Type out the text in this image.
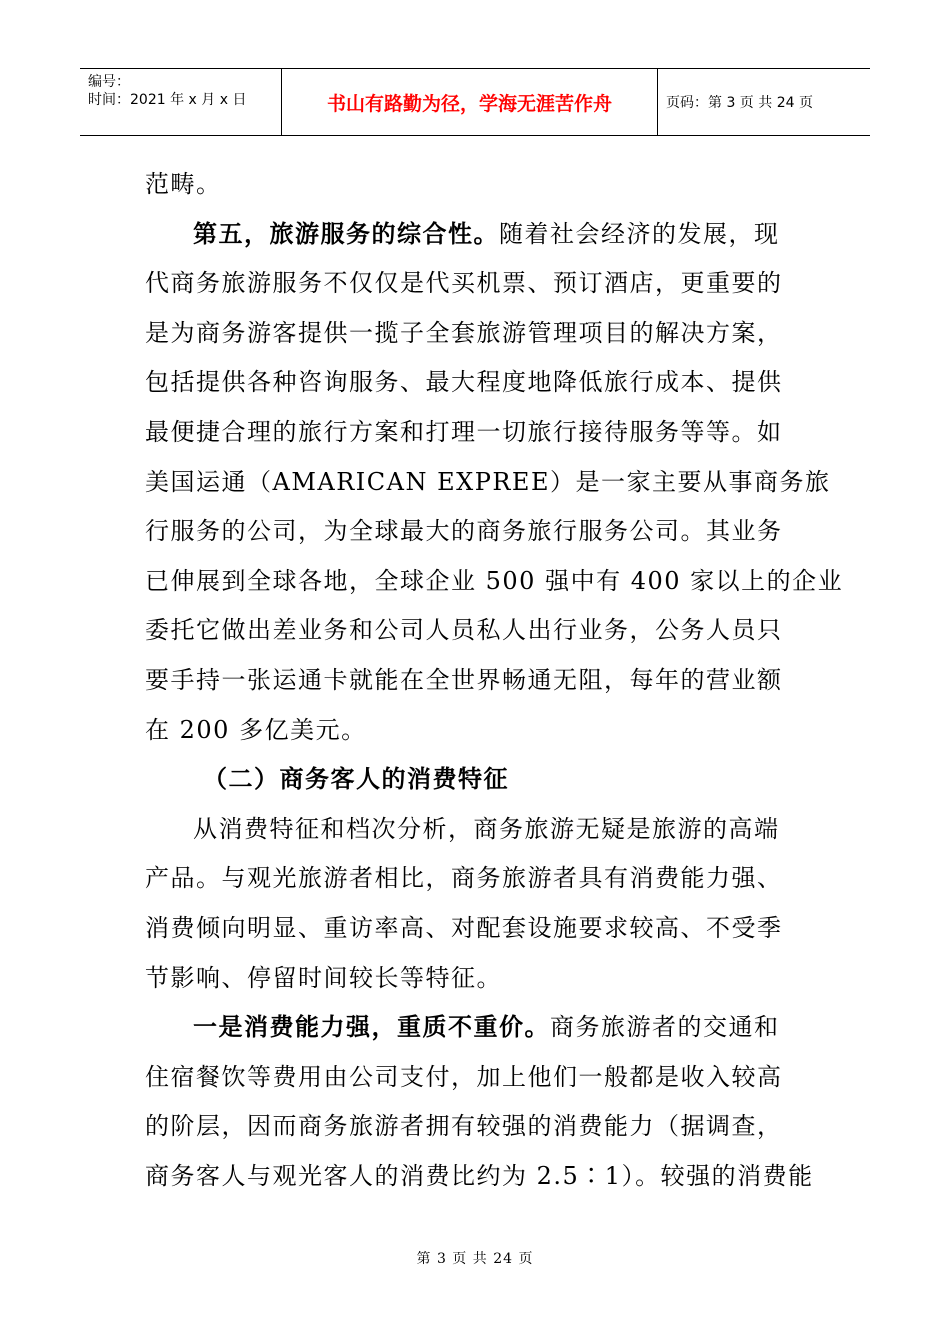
编号：
时间：2021 年 x 月 x 日	书山有路勤为径，学海无涯苦作舟	页码：第 3 页 共 24 页
范畴。
第五，旅游服务的综合性。随着社会经济的发展，现
代商务旅游服务不仅仅是代买机票、预订酒店，更重要的
是为商务游客提供一揽子全套旅游管理项目的解决方案，
包括提供各种咨询服务、最大程度地降低旅行成本、提供
最便捷合理的旅行方案和打理一切旅行接待服务等等。如
美国运通（AMARICAN EXPREE）是一家主要从事商务旅
行服务的公司，为全球最大的商务旅行服务公司。其业务
已伸展到全球各地，全球企业 500 强中有 400 家以上的企业
委托它做出差业务和公司人员私人出行业务，公务人员只
要手持一张运通卡就能在全世界畅通无阻，每年的营业额
在 200 多亿美元。
（二）商务客人的消费特征
从消费特征和档次分析，商务旅游无疑是旅游的高端
产品。与观光旅游者相比，商务旅游者具有消费能力强、
消费倾向明显、重访率高、对配套设施要求较高、不受季
节影响、停留时间较长等特征。
一是消费能力强，重质不重价。商务旅游者的交通和
住宿餐饮等费用由公司支付，加上他们一般都是收入较高
的阶层，因而商务旅游者拥有较强的消费能力（据调查，
商务客人与观光客人的消费比约为 2.5∶1）。较强的消费能
第 3 页 共 24 页
